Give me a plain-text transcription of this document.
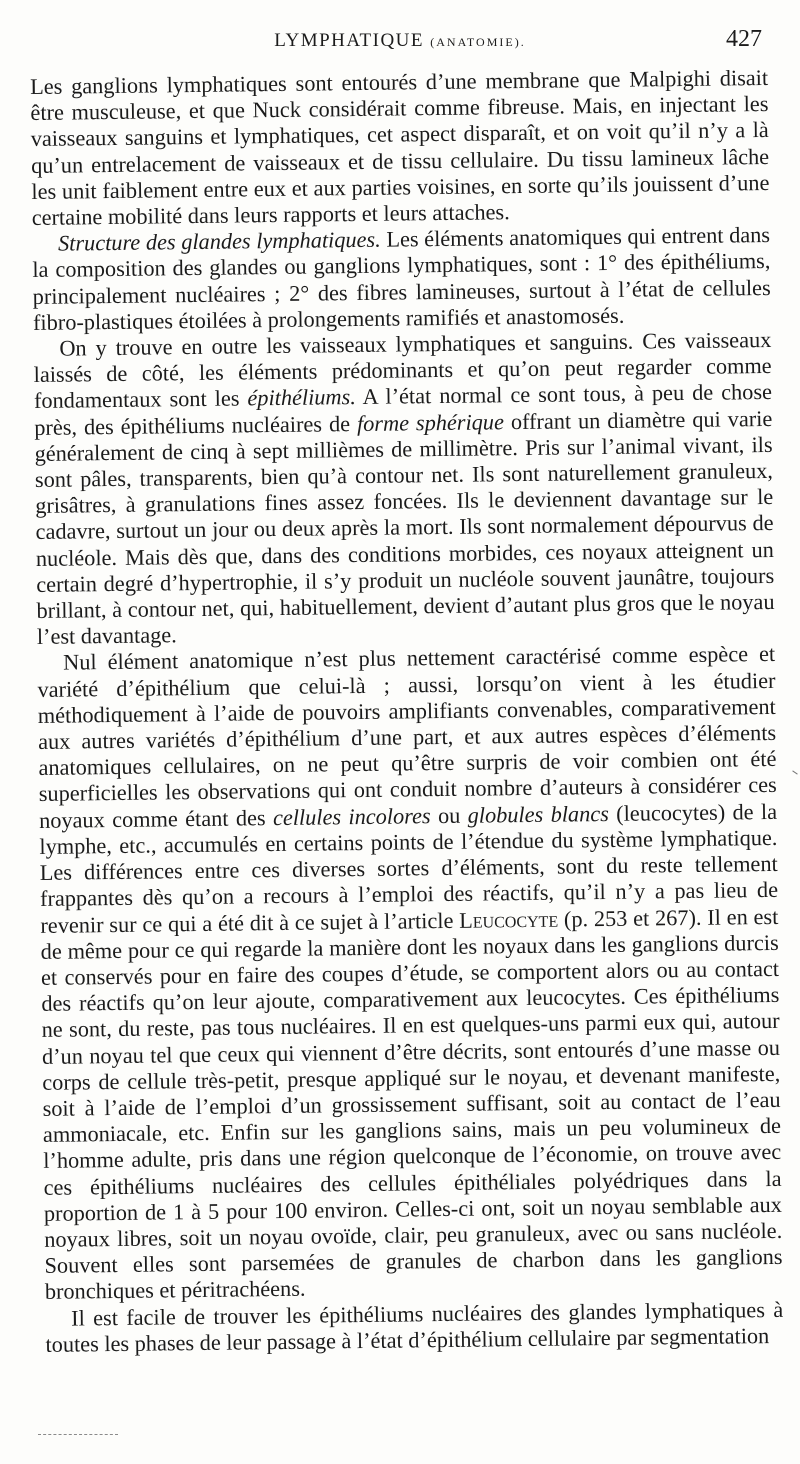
LYMPHATIQUE (ANATOMIE).	427

Les ganglions lymphatiques sont entourés d’une membrane que Malpighi disait être musculeuse, et que Nuck considérait comme fibreuse. Mais, en injectant les vaisseaux sanguins et lymphatiques, cet aspect disparaît, et on voit qu’il n’y a là qu’un entrelacement de vaisseaux et de tissu cellulaire. Du tissu lamineux lâche les unit faiblement entre eux et aux parties voisines, en sorte qu’ils jouissent d’une certaine mobilité dans leurs rapports et leurs attaches.

Structure des glandes lymphatiques. Les éléments anatomiques qui entrent dans la composition des glandes ou ganglions lymphatiques, sont : 1° des épithéliums, principalement nucléaires ; 2° des fibres lamineuses, surtout à l’état de cellules fibro-plastiques étoilées à prolongements ramifiés et anastomosés.

On y trouve en outre les vaisseaux lymphatiques et sanguins. Ces vaisseaux laissés de côté, les éléments prédominants et qu’on peut regarder comme fondamentaux sont les épithéliums. A l’état normal ce sont tous, à peu de chose près, des épithéliums nucléaires de forme sphérique offrant un diamètre qui varie généralement de cinq à sept millièmes de millimètre. Pris sur l’animal vivant, ils sont pâles, transparents, bien qu’à contour net. Ils sont naturellement granuleux, grisâtres, à granulations fines assez foncées. Ils le deviennent davantage sur le cadavre, surtout un jour ou deux après la mort. Ils sont normalement dépourvus de nucléole. Mais dès que, dans des conditions morbides, ces noyaux atteignent un certain degré d’hypertrophie, il s’y produit un nucléole souvent jaunâtre, toujours brillant, à contour net, qui, habituellement, devient d’autant plus gros que le noyau l’est davantage.

Nul élément anatomique n’est plus nettement caractérisé comme espèce et variété d’épithélium que celui-là ; aussi, lorsqu’on vient à les étudier méthodiquement à l’aide de pouvoirs amplifiants convenables, comparativement aux autres variétés d’épithélium d’une part, et aux autres espèces d’éléments anatomiques cellulaires, on ne peut qu’être surpris de voir combien ont été superficielles les observations qui ont conduit nombre d’auteurs à considérer ces noyaux comme étant des cellules incolores ou globules blancs (leucocytes) de la lymphe, etc., accumulés en certains points de l’étendue du système lymphatique. Les différences entre ces diverses sortes d’éléments, sont du reste tellement frappantes dès qu’on a recours à l’emploi des réactifs, qu’il n’y a pas lieu de revenir sur ce qui a été dit à ce sujet à l’article Leucocyte (p. 253 et 267). Il en est de même pour ce qui regarde la manière dont les noyaux dans les ganglions durcis et conservés pour en faire des coupes d’étude, se comportent alors ou au contact des réactifs qu’on leur ajoute, comparativement aux leucocytes. Ces épithéliums ne sont, du reste, pas tous nucléaires. Il en est quelques-uns parmi eux qui, autour d’un noyau tel que ceux qui viennent d’être décrits, sont entourés d’une masse ou corps de cellule très-petit, presque appliqué sur le noyau, et devenant manifeste, soit à l’aide de l’emploi d’un grossissement suffisant, soit au contact de l’eau ammoniacale, etc. Enfin sur les ganglions sains, mais un peu volumineux de l’homme adulte, pris dans une région quelconque de l’économie, on trouve avec ces épithéliums nucléaires des cellules épithéliales polyédriques dans la proportion de 1 à 5 pour 100 environ. Celles-ci ont, soit un noyau semblable aux noyaux libres, soit un noyau ovoïde, clair, peu granuleux, avec ou sans nucléole. Souvent elles sont parsemées de granules de charbon dans les ganglions bronchiques et péritrachéens.

Il est facile de trouver les épithéliums nucléaires des glandes lymphatiques à toutes les phases de leur passage à l’état d’épithélium cellulaire par segmentation
